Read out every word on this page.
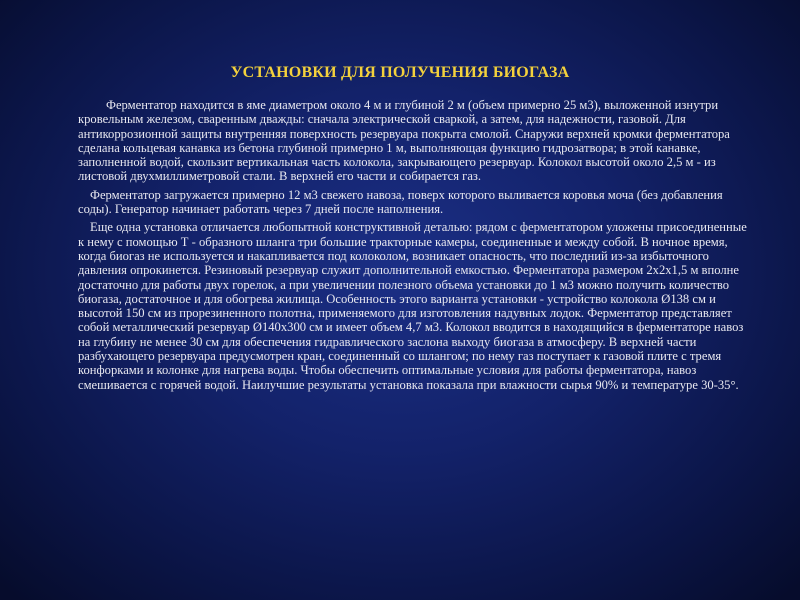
УСТАНОВКИ ДЛЯ ПОЛУЧЕНИЯ БИОГАЗА

Ферментатор находится в яме диаметром около 4 м и глубиной 2 м (объем примерно 25 м3), выложенной изнутри кровельным железом, сваренным дважды: сначала электрической сваркой, а затем, для надежности, газовой. Для антикоррозионной защиты внутренняя поверхность резервуара покрыта смолой. Снаружи верхней кромки ферментатора сделана кольцевая канавка из бетона глубиной примерно 1 м, выполняющая функцию гидрозатвора; в этой канавке, заполненной водой, скользит вертикальная часть колокола, закрывающего резервуар. Колокол высотой около 2,5 м - из листовой двухмиллиметровой стали. В верхней его части и собирается газ.

Ферментатор загружается примерно 12 м3 свежего навоза, поверх которого выливается коровья моча (без добавления соды). Генератор начинает работать через 7 дней после наполнения.

Еще одна установка отличается любопытной конструктивной деталью: рядом с ферментатором уложены присоединенные к нему с помощью Т - образного шланга три большие тракторные камеры, соединенные и между собой. В ночное время, когда биогаз не используется и накапливается под колоколом, возникает опасность, что последний из-за избыточного давления опрокинется. Резиновый резервуар служит дополнительной емкостью. Ферментатора размером 2х2х1,5 м вполне достаточно для работы двух горелок, а при увеличении полезного объема установки до 1 м3 можно получить количество биогаза, достаточное и для обогрева жилища. Особенность этого варианта установки - устройство колокола Ø138 см и высотой 150 см из прорезиненного полотна, применяемого для изготовления надувных лодок. Ферментатор представляет собой металлический резервуар Ø140х300 см и имеет объем 4,7 м3. Колокол вводится в находящийся в ферментаторе навоз на глубину не менее 30 см для обеспечения гидравлического заслона выходу биогаза в атмосферу. В верхней части разбухающего резервуара предусмотрен кран, соединенный со шлангом; по нему газ поступает к газовой плите с тремя конфорками и колонке для нагрева воды. Чтобы обеспечить оптимальные условия для работы ферментатора, навоз смешивается с горячей водой. Наилучшие результаты установка показала при влажности сырья 90% и температуре 30-35°.
